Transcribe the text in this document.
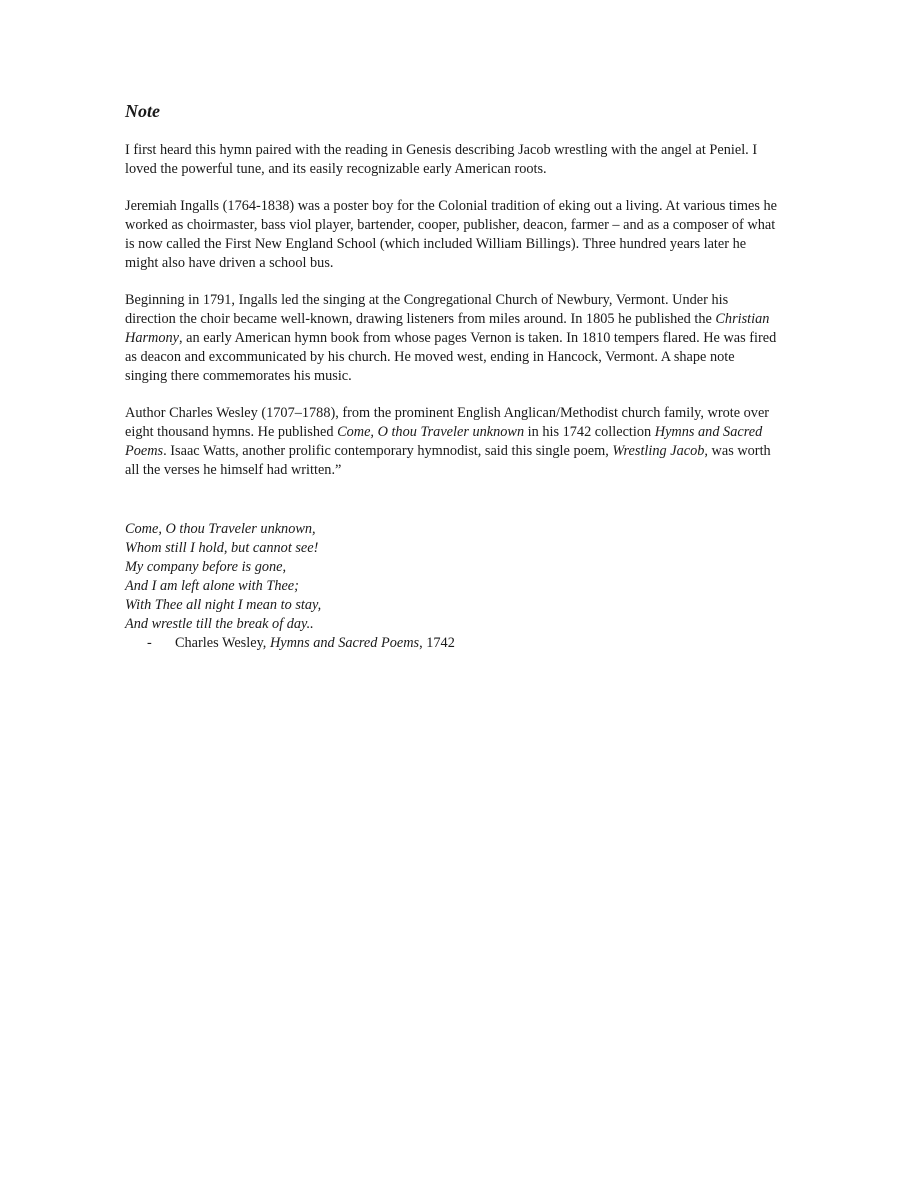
Note

I first heard this hymn paired with the reading in Genesis describing Jacob wrestling with the angel at Peniel. I loved the powerful tune, and its easily recognizable early American roots.

Jeremiah Ingalls (1764-1838) was a poster boy for the Colonial tradition of eking out a living. At various times he worked as choirmaster, bass viol player, bartender, cooper, publisher, deacon, farmer – and as a composer of what is now called the First New England School (which included William Billings). Three hundred years later he might also have driven a school bus.

Beginning in 1791, Ingalls led the singing at the Congregational Church of Newbury, Vermont. Under his direction the choir became well-known, drawing listeners from miles around. In 1805 he published the Christian Harmony, an early American hymn book from whose pages Vernon is taken. In 1810 tempers flared. He was fired as deacon and excommunicated by his church. He moved west, ending in Hancock, Vermont. A shape note singing there commemorates his music.

Author Charles Wesley (1707–1788), from the prominent English Anglican/Methodist church family, wrote over eight thousand hymns. He published Come, O thou Traveler unknown in his 1742 collection Hymns and Sacred Poems. Isaac Watts, another prolific contemporary hymnodist, said this single poem, Wrestling Jacob, was worth all the verses he himself had written.”

Come, O thou Traveler unknown,
Whom still I hold, but cannot see!
My company before is gone,
And I am left alone with Thee;
With Thee all night I mean to stay,
And wrestle till the break of day..
- Charles Wesley, Hymns and Sacred Poems, 1742
